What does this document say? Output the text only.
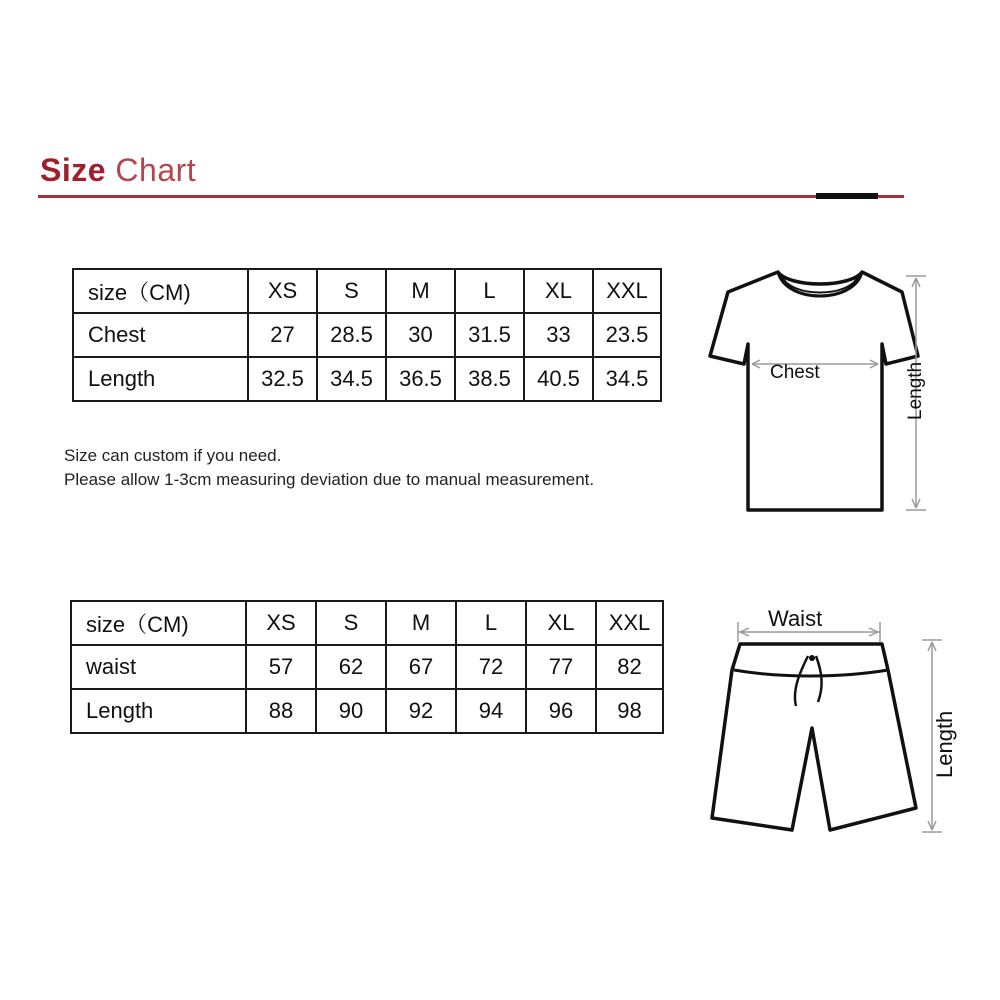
Size Chart
size（CM)	XS	S	M	L	XL	XXL
Chest	27	28.5	30	31.5	33	23.5
Length	32.5	34.5	36.5	38.5	40.5	34.5
Size can custom if you need.
Please allow 1-3cm measuring deviation due to manual measurement.
size（CM)	XS	S	M	L	XL	XXL
waist	57	62	67	72	77	82
Length	88	90	92	94	96	98
Chest	Length
Waist
Length
